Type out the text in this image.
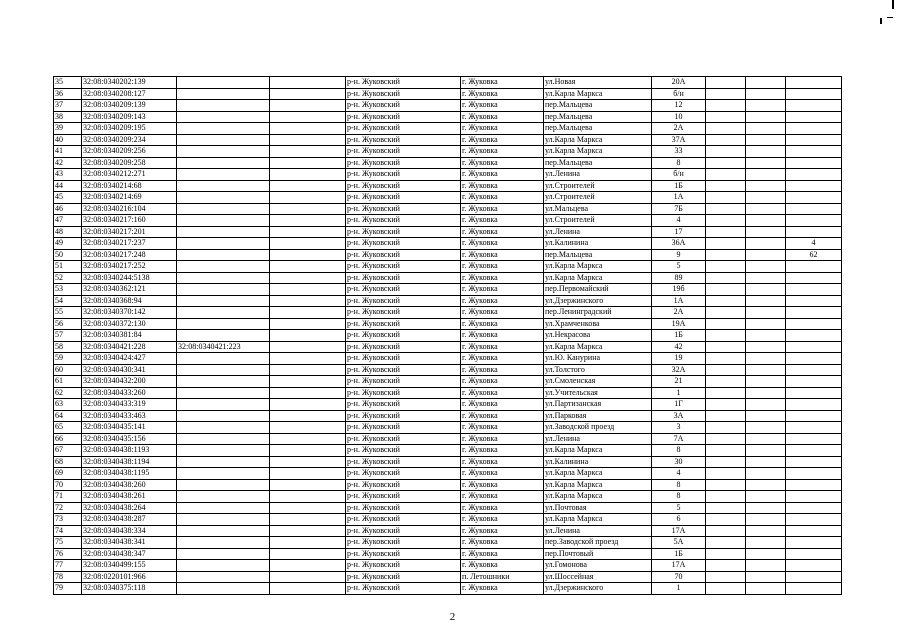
35	32:08:0340202:139			р-н. Жуковский	г. Жуковка	ул.Новая	20А			
36	32:08:0340208:127			р-н. Жуковский	г. Жуковка	ул.Карла Маркса	б/н			
37	32:08:0340209:139			р-н. Жуковский	г. Жуковка	пер.Мальцева	12			
38	32:08:0340209:143			р-н. Жуковский	г. Жуковка	пер.Мальцева	10			
39	32:08:0340209:195			р-н. Жуковский	г. Жуковка	пер.Мальцева	2А			
40	32:08:0340209:234			р-н. Жуковский	г. Жуковка	ул.Карла Маркса	37А			
41	32:08:0340209:256			р-н. Жуковский	г. Жуковка	ул.Карла Маркса	33			
42	32:08:0340209:258			р-н. Жуковский	г. Жуковка	пер.Мальцева	8			
43	32:08:0340212:271			р-н. Жуковский	г. Жуковка	ул.Ленина	б/н			
44	32:08:0340214:68			р-н. Жуковский	г. Жуковка	ул.Строителей	1Б			
45	32:08:0340214:69			р-н. Жуковский	г. Жуковка	ул.Строителей	1А			
46	32:08:0340216:104			р-н. Жуковский	г. Жуковка	ул.Мальцева	7Б			
47	32:08:0340217:160			р-н. Жуковский	г. Жуковка	ул.Строителей	4			
48	32:08:0340217:201			р-н. Жуковский	г. Жуковка	ул.Ленина	17			
49	32:08:0340217:237			р-н. Жуковский	г. Жуковка	ул.Калинина	36А			4
50	32:08:0340217:248			р-н. Жуковский	г. Жуковка	пер.Мальцева	9			62
51	32:08:0340217:252			р-н. Жуковский	г. Жуковка	ул.Карла Маркса	5			
52	32:08:0340244:5138			р-н. Жуковский	г. Жуковка	ул.Карла Маркса	89			
53	32:08:0340362:121			р-н. Жуковский	г. Жуковка	пер.Первомайский	19б			
54	32:08:0340368:94			р-н. Жуковский	г. Жуковка	ул.Дзержинского	1А			
55	32:08:0340370:142			р-н. Жуковский	г. Жуковка	пер.Ленинградский	2А			
56	32:08:0340372:130			р-н. Жуковский	г. Жуковка	ул.Храмченкова	19А			
57	32:08:0340381:84			р-н. Жуковский	г. Жуковка	ул.Некрасова	1Б			
58	32:08:0340421:228	32:08:0340421:223		р-н. Жуковский	г. Жуковка	ул.Карла Маркса	42			
59	32:08:0340424:427			р-н. Жуковский	г. Жуковка	ул.Ю. Канурина	19			
60	32:08:0340430:341			р-н. Жуковский	г. Жуковка	ул.Толстого	32А			
61	32:08:0340432:200			р-н. Жуковский	г. Жуковка	ул.Смоленская	21			
62	32:08:0340433:260			р-н. Жуковский	г. Жуковка	ул.Учительская	1			
63	32:08:0340433:319			р-н. Жуковский	г. Жуковка	ул.Партизанская	1Г			
64	32:08:0340433:463			р-н. Жуковский	г. Жуковка	ул.Парковая	3А			
65	32:08:0340435:141			р-н. Жуковский	г. Жуковка	ул.Заводской проезд	3			
66	32:08:0340435:156			р-н. Жуковский	г. Жуковка	ул.Ленина	7А			
67	32:08:0340438:1193			р-н. Жуковский	г. Жуковка	ул.Карла Маркса	8			
68	32:08:0340438:1194			р-н. Жуковский	г. Жуковка	ул.Калинина	30			
69	32:08:0340438:1195			р-н. Жуковский	г. Жуковка	ул.Карла Маркса	4			
70	32:08:0340438:260			р-н. Жуковский	г. Жуковка	ул.Карла Маркса	8			
71	32:08:0340438:261			р-н. Жуковский	г. Жуковка	ул.Карла Маркса	8			
72	32:08:0340438:264			р-н. Жуковский	г. Жуковка	ул.Почтовая	5			
73	32:08:0340438:287			р-н. Жуковский	г. Жуковка	ул.Карла Маркса	6			
74	32:08:0340438:334			р-н. Жуковский	г. Жуковка	ул.Ленина	17А			
75	32:08:0340438:341			р-н. Жуковский	г. Жуковка	пер.Заводской проезд	5А			
76	32:08:0340438:347			р-н. Жуковский	г. Жуковка	пер.Почтовый	1Б			
77	32:08:0340499:155			р-н. Жуковский	г. Жуковка	ул.Гомонова	17А			
78	32:08:0220101:966			р-н. Жуковский	п. Летошники	ул.Шоссейная	70			
79	32:08:0340375:118			р-н. Жуковский	г. Жуковка	ул.Дзержинского	1			
2
